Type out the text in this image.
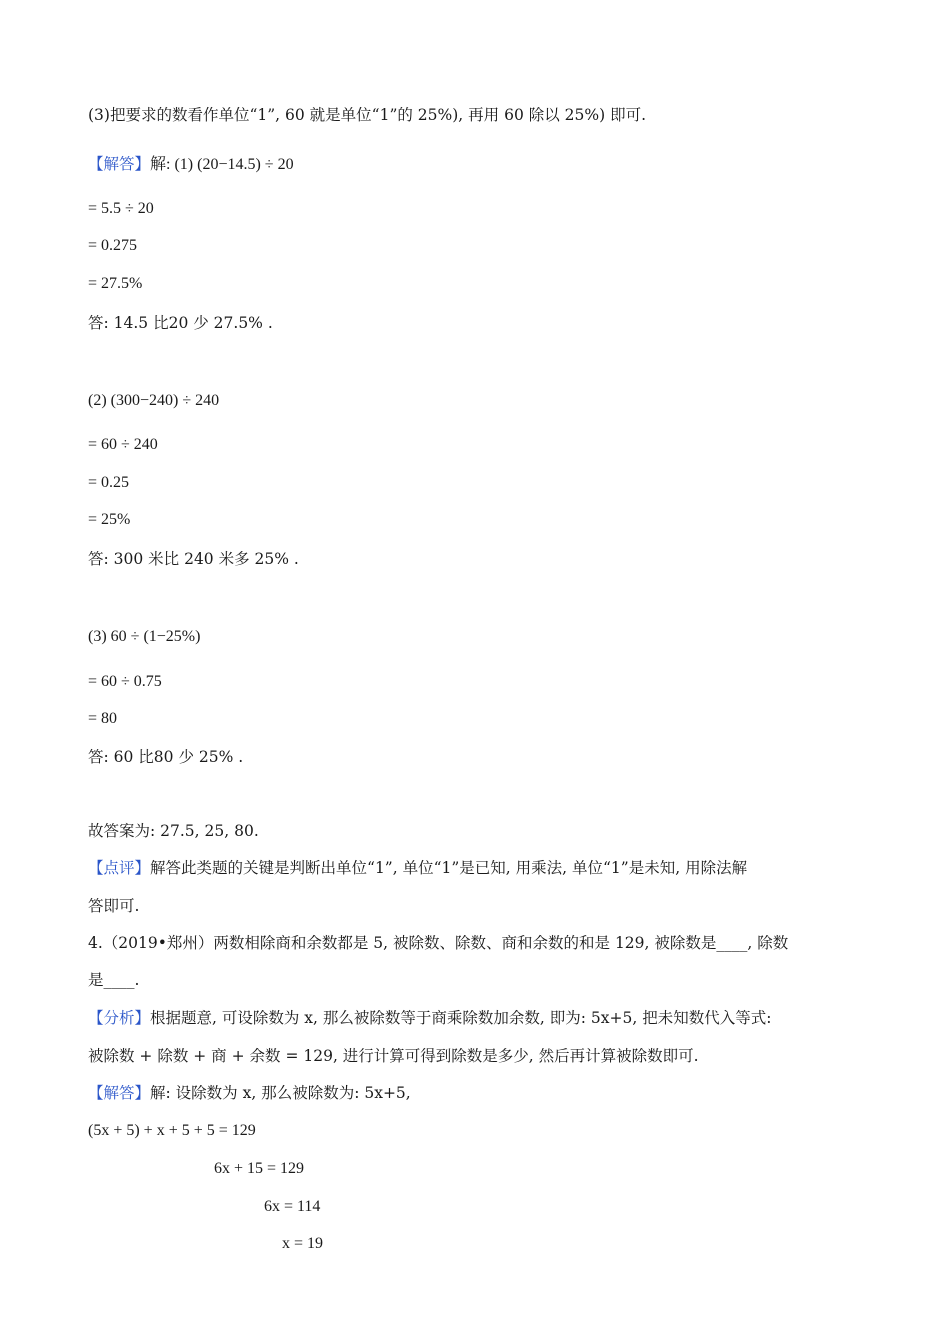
(3)把要求的数看作单位“1”, 60 就是单位“1”的 25%), 再用 60 除以 25%) 即可.
【解答】解: (1) (20−14.5) ÷ 20
= 5.5 ÷ 20
= 0.275
= 27.5%
答: 14.5 比20 少 27.5% .
(2) (300−240) ÷ 240
= 60 ÷ 240
= 0.25
= 25%
答: 300 米比 240 米多 25% .
(3) 60 ÷ (1−25%)
= 60 ÷ 0.75
= 80
答: 60 比80 少 25% .
故答案为: 27.5, 25, 80.
【点评】解答此类题的关键是判断出单位“1”, 单位“1”是已知, 用乘法, 单位“1”是未知, 用除法解
答即可.
4.（2019•郑州）两数相除商和余数都是 5, 被除数、除数、商和余数的和是 129, 被除数是____, 除数
是____.
【分析】根据题意, 可设除数为 x, 那么被除数等于商乘除数加余数, 即为: 5x+5, 把未知数代入等式:
被除数 + 除数 + 商 + 余数 = 129, 进行计算可得到除数是多少, 然后再计算被除数即可.
【解答】解: 设除数为 x, 那么被除数为: 5x+5,
(5x + 5) + x + 5 + 5 = 129
6x + 15 = 129
6x = 114
x = 19
